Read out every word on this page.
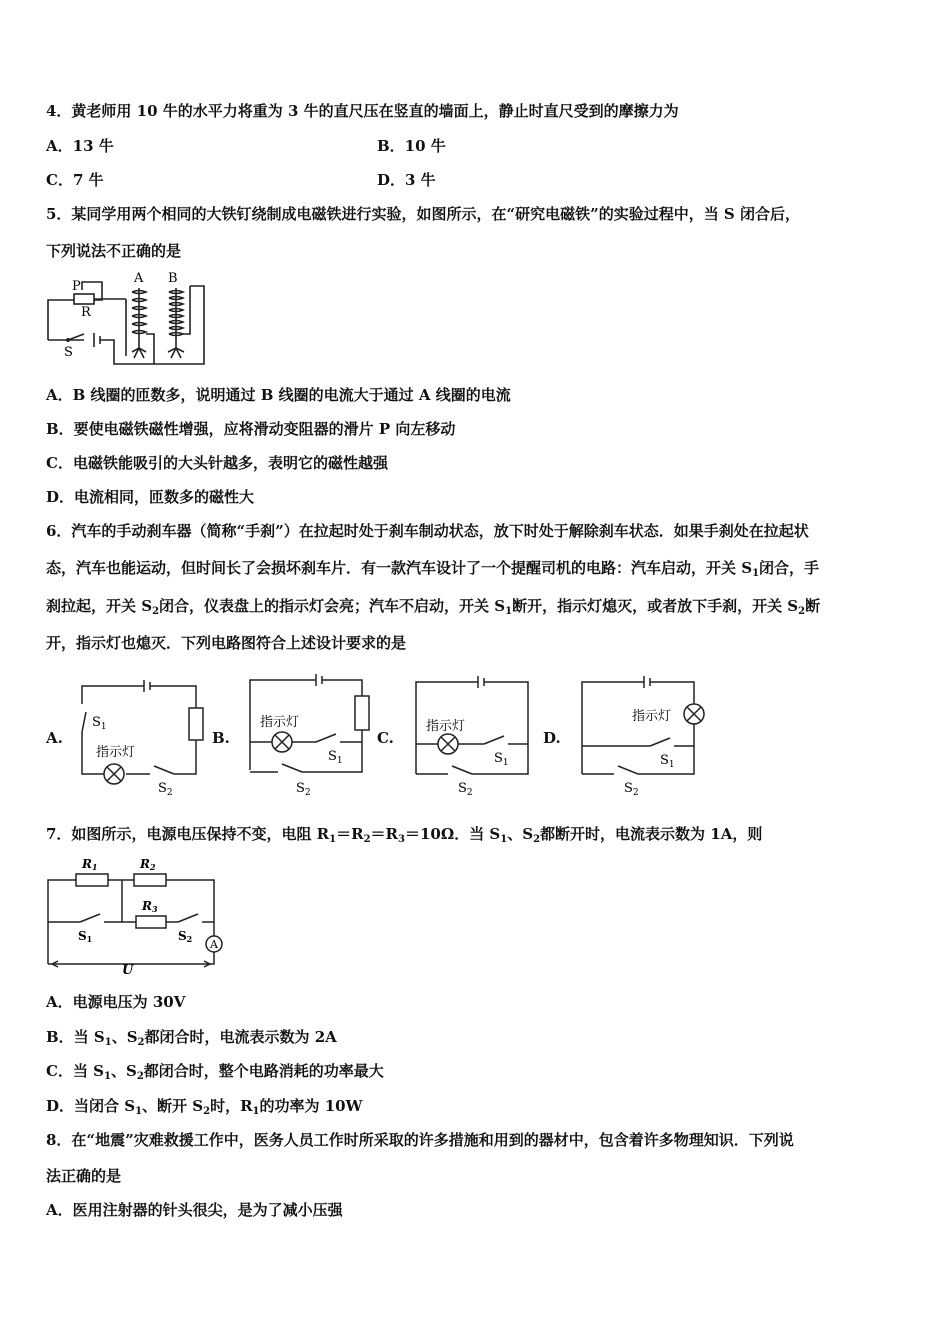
4．黄老师用 10 牛的水平力将重为 3 牛的直尺压在竖直的墙面上，静止时直尺受到的摩擦力为
A．13 牛	B．10 牛
C．7 牛	D．3 牛
5．某同学用两个相同的大铁钉绕制成电磁铁进行实验，如图所示，在“研究电磁铁”的实验过程中，当 S 闭合后，
下列说法不正确的是
P
R
A B
S
A．B 线圈的匝数多，说明通过 B 线圈的电流大于通过 A 线圈的电流
B．要使电磁铁磁性增强，应将滑动变阻器的滑片 P 向左移动
C．电磁铁能吸引的大头针越多，表明它的磁性越强
D．电流相同，匝数多的磁性大
6．汽车的手动刹车器（简称“手刹”）在拉起时处于刹车制动状态，放下时处于解除刹车状态．如果手刹处在拉起状
态，汽车也能运动，但时间长了会损坏刹车片．有一款汽车设计了一个提醒司机的电路：汽车启动，开关 $S_1$闭合，手
刹拉起，开关 $S_2$闭合，仪表盘上的指示灯会亮；汽车不启动，开关 $S_1$断开，指示灯熄灭，或者放下手刹，开关 $S_2$断
开，指示灯也熄灭．下列电路图符合上述设计要求的是
A.	B.	C.	D.
$S_1$
指示灯
$S_2$
指示灯
$S_1$
$S_2$
指示灯
$S_1$
$S_2$
指示灯
$S_1$
$S_2$
7．如图所示，电源电压保持不变，电阻 $R_1=R_2=R_3=10\Omega$．当 $S_1$、$S_2$都断开时，电流表示数为 1A，则
R1	R2
R3
S1	S2 A
U
A．电源电压为 30V
B．当 $S_1$、$S_2$都闭合时，电流表示数为 2A
C．当 $S_1$、$S_2$都闭合时，整个电路消耗的功率最大
D．当闭合 $S_1$、断开 $S_2$时，$R_1$的功率为 10W
8．在“地震”灾难救援工作中，医务人员工作时所采取的许多措施和用到的器材中，包含着许多物理知识．下列说
法正确的是
A．医用注射器的针头很尖，是为了减小压强
